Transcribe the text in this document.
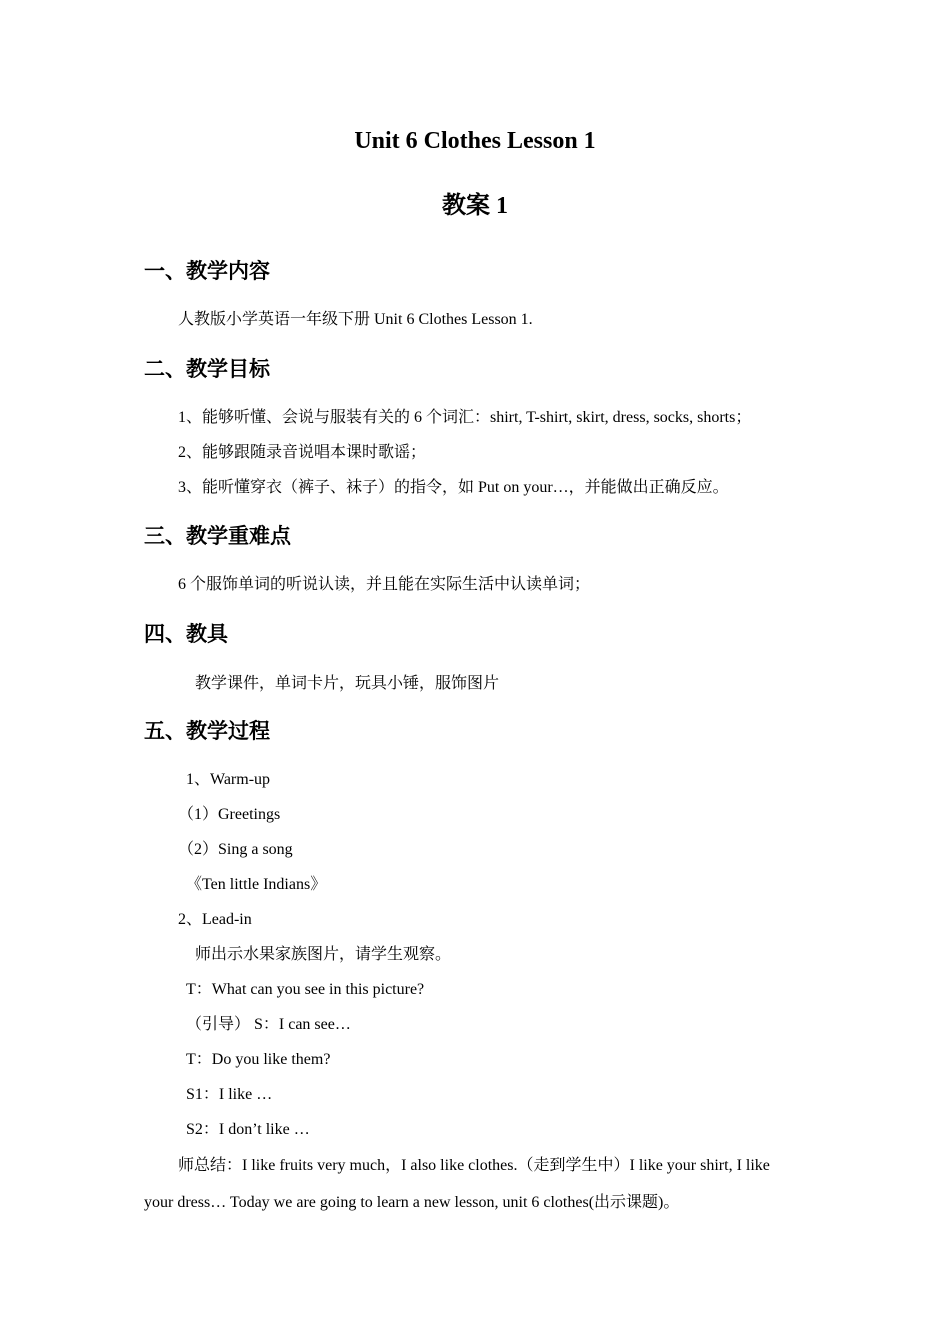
Unit 6 Clothes Lesson 1
教案 1
一、教学内容

人教版小学英语一年级下册 Unit 6 Clothes Lesson 1.

二、教学目标

1、能够听懂、会说与服装有关的 6 个词汇：shirt, T-shirt, skirt, dress, socks, shorts；

2、能够跟随录音说唱本课时歌谣；

3、能听懂穿衣（裤子、袜子）的指令，如 Put on your…，并能做出正确反应。

三、教学重难点

6 个服饰单词的听说认读，并且能在实际生活中认读单词；

四、教具

教学课件，单词卡片，玩具小锤，服饰图片

五、教学过程

1、Warm-up

（1）Greetings

（2）Sing a song

《Ten little Indians》

2、Lead-in

师出示水果家族图片，请学生观察。

T：What can you see in this picture?

（引导） S：I can see…

T：Do you like them?

S1：I like …

S2：I don’t like …

师总结：I like fruits very much，I also like clothes.（走到学生中）I like your shirt, I like

your dress… Today we are going to learn a new lesson, unit 6 clothes(出示课题)。
